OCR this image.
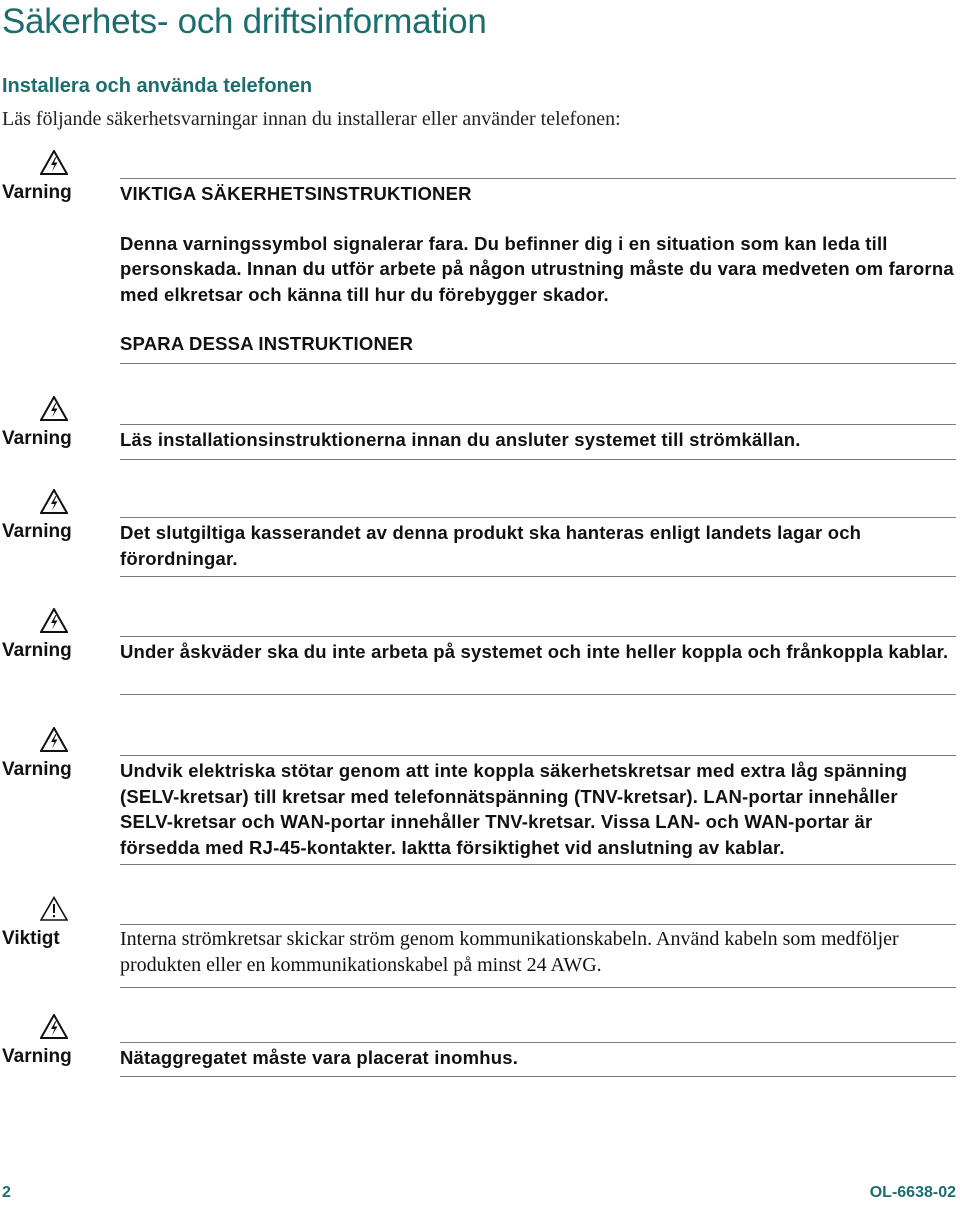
Säkerhets- och driftsinformation
Installera och använda telefonen

Läs följande säkerhetsvarningar innan du installerar eller använder telefonen:

Varning	VIKTIGA SÄKERHETSINSTRUKTIONER

Denna varningssymbol signalerar fara. Du befinner dig i en situation som kan leda till personskada. Innan du utför arbete på någon utrustning måste du vara medveten om farorna med elkretsar och känna till hur du förebygger skador.

SPARA DESSA INSTRUKTIONER

Varning	Läs installationsinstruktionerna innan du ansluter systemet till strömkällan.

Varning	Det slutgiltiga kasserandet av denna produkt ska hanteras enligt landets lagar och förordningar.

Varning	Under åskväder ska du inte arbeta på systemet och inte heller koppla och frånkoppla kablar.

Varning	Undvik elektriska stötar genom att inte koppla säkerhetskretsar med extra låg spänning (SELV-kretsar) till kretsar med telefonnätspänning (TNV-kretsar). LAN-portar innehåller SELV-kretsar och WAN-portar innehåller TNV-kretsar. Vissa LAN- och WAN-portar är försedda med RJ-45-kontakter. Iaktta försiktighet vid anslutning av kablar.

Viktigt	Interna strömkretsar skickar ström genom kommunikationskabeln. Använd kabeln som medföljer produkten eller en kommunikationskabel på minst 24 AWG.

Varning	Nätaggregatet måste vara placerat inomhus.

2	OL-6638-02
